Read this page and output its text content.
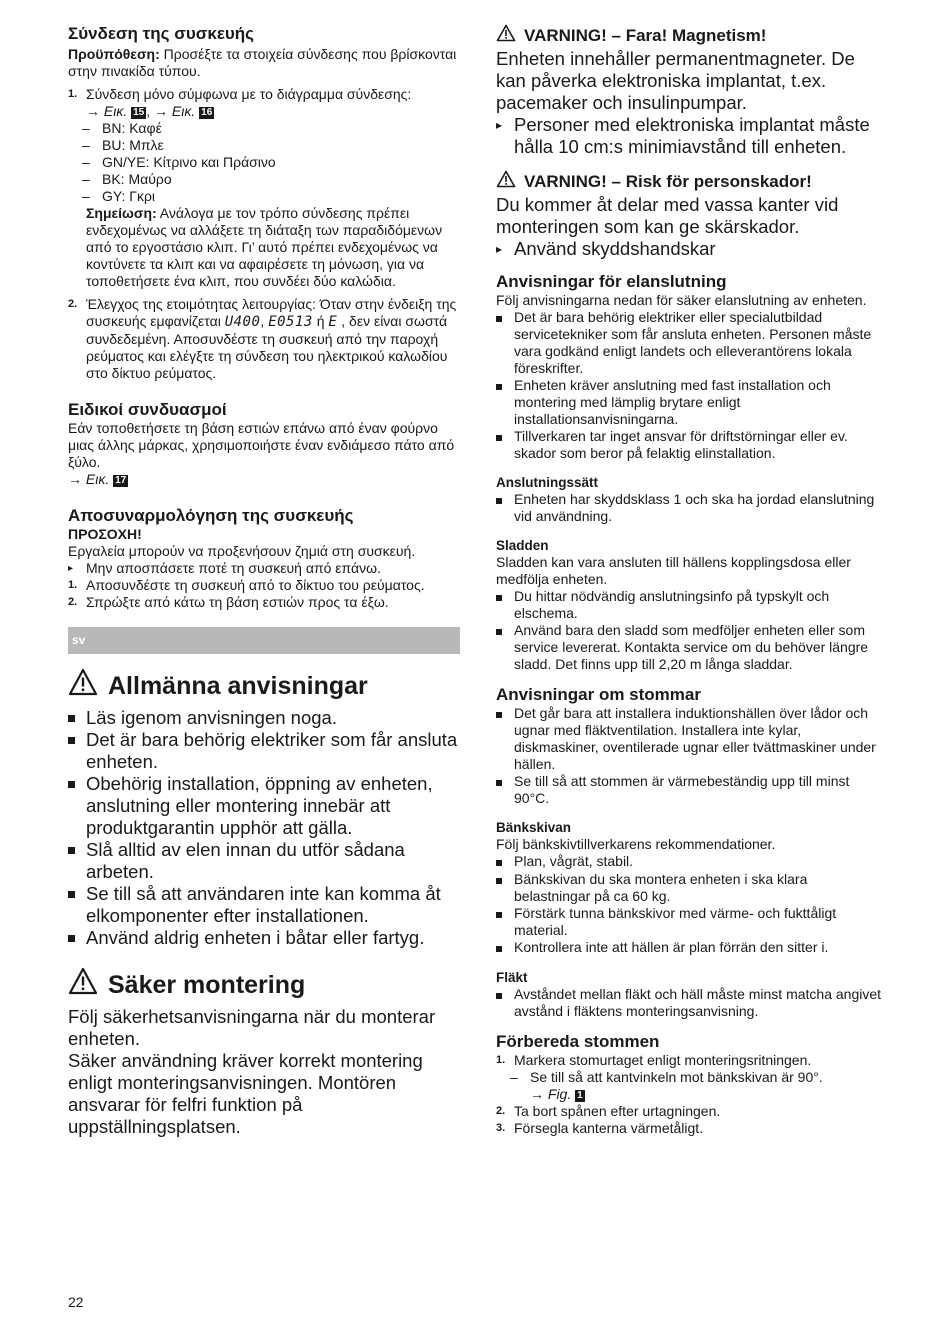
Σύνδεση της συσκευής

Προϋπόθεση: Προσέξτε τα στοιχεία σύνδεσης που βρίσκονται στην πινακίδα τύπου.

1. Σύνδεση μόνο σύμφωνα με το διάγραμμα σύνδεσης:

→ Εικ. 15 , → Εικ. 16

– BN: Καφέ
– BU: Μπλε
– GN/YE: Κίτρινο και Πράσινο
– BK: Μαύρο
– GY: Γκρι

Σημείωση: Ανάλογα με τον τρόπο σύνδεσης πρέπει ενδεχομένως να αλλάξετε τη διάταξη των παραδιδόμενων από το εργοστάσιο κλιπ. Γι’ αυτό πρέπει ενδεχομένως να κοντύνετε τα κλιπ και να αφαιρέσετε τη μόνωση, για να τοποθετήσετε ένα κλιπ, που συνδέει δύο καλώδια.

2. Έλεγχος της ετοιμότητας λειτουργίας: Όταν στην ένδειξη της συσκευής εμφανίζεται U400, E0513 ή E , δεν είναι σωστά συνδεδεμένη. Αποσυνδέστε τη συσκευή από την παροχή ρεύματος και ελέγξτε τη σύνδεση του ηλεκτρικού καλωδίου στο δίκτυο ρεύματος.

Ειδικοί συνδυασμοί

Εάν τοποθετήσετε τη βάση εστιών επάνω από έναν φούρνο μιας άλλης μάρκας, χρησιμοποιήστε έναν ενδιάμεσο πάτο από ξύλο.

→ Εικ. 17

Αποσυναρμολόγηση της συσκευής

ΠΡΟΣΟΧΗ!

Εργαλεία μπορούν να προξενήσουν ζημιά στη συσκευή.

▸ Μην αποσπάσετε ποτέ τη συσκευή από επάνω.
1. Αποσυνδέστε τη συσκευή από το δίκτυο του ρεύματος.
2. Σπρώξτε από κάτω τη βάση εστιών προς τα έξω.
sv
Allmänna anvisningar
Läs igenom anvisningen noga.
Det är bara behörig elektriker som får ansluta enheten.
Obehörig installation, öppning av enheten, anslutning eller montering innebär att produktgarantin upphör att gälla.
Slå alltid av elen innan du utför sådana arbeten.
Se till så att användaren inte kan komma åt elkomponenter efter installationen.
Använd aldrig enheten i båtar eller fartyg.
Säker montering

Följ säkerhetsanvisningarna när du monterar enheten.

Säker användning kräver korrekt montering enligt monteringsanvisningen. Montören ansvarar för felfri funktion på uppställningsplatsen.

VARNING! – Fara! Magnetism!

Enheten innehåller permanentmagneter. De kan påverka elektroniska implantat, t.ex. pacemaker och insulinpumpar.

▸ Personer med elektroniska implantat måste hålla 10 cm:s minimiavstånd till enheten.
VARNING! – Risk för personskador!

Du kommer åt delar med vassa kanter vid monteringen som kan ge skärskador.

▸ Använd skyddshandskar
Anvisningar för elanslutning

Följ anvisningarna nedan för säker elanslutning av enheten.

Det är bara behörig elektriker eller specialutbildad servicetekniker som får ansluta enheten. Personen måste vara godkänd enligt landets och elleverantörens lokala föreskrifter.
Enheten kräver anslutning med fast installation och montering med lämplig brytare enligt installationsanvisningarna.
Tillverkaren tar inget ansvar för driftstörningar eller ev. skador som beror på felaktig elinstallation.
Anslutningssätt
Enheten har skyddsklass 1 och ska ha jordad elanslutning vid användning.
Sladden

Sladden kan vara ansluten till hällens kopplingsdosa eller medföljа enheten.

Du hittar nödvändig anslutningsinfo på typskylt och elschema.
Använd bara den sladd som medföljer enheten eller som service levererat. Kontakta service om du behöver längre sladd. Det finns upp till 2,20 m långa sladdar.
Anvisningar om stommar
Det går bara att installera induktionshällen över lådor och ugnar med fläktventilation. Installera inte kylar, diskmaskiner, oventilerade ugnar eller tvättmaskiner under hällen.
Se till så att stommen är värmebeständig upp till minst 90°C.
Bänkskivan

Följ bänkskivtillverkarens rekommendationer.

Plan, vågrät, stabil.
Bänkskivan du ska montera enheten i ska klara belastningar på ca 60 kg.
Förstärk tunna bänkskivor med värme- och fukttåligt material.
Kontrollera inte att hällen är plan förrän den sitter i.
Fläkt
Avståndet mellan fläkt och häll måste minst matcha angivet avstånd i fläktens monteringsanvisning.
Förbereda stommen
1. Markera stomurtaget enligt monteringsritningen.
– Se till så att kantvinkeln mot bänkskivan är 90°.

→ Fig. 1

2. Ta bort spånen efter urtagningen.
3. Försegla kanterna värmetåligt.
22
